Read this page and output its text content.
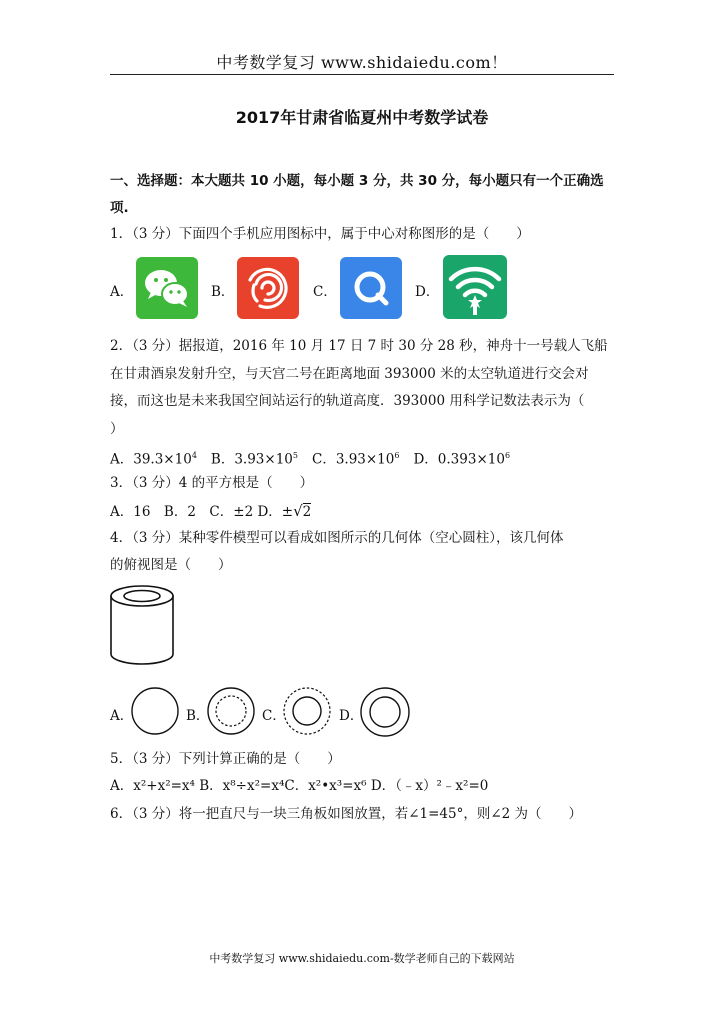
中考数学复习 www.shidaiedu.com！
2017年甘肃省临夏州中考数学试卷
一、选择题：本大题共 10 小题，每小题 3 分，共 30 分，每小题只有一个正确选
项.
1．（3 分）下面四个手机应用图标中，属于中心对称图形的是（　　）
A．	B．	C．	D．
2．（3 分）据报道，2016 年 10 月 17 日 7 时 30 分 28 秒，神舟十一号载人飞船
在甘肃酒泉发射升空，与天宫二号在距离地面 393000 米的太空轨道进行交会对
接，而这也是未来我国空间站运行的轨道高度．393000 用科学记数法表示为（
）
A．$39.3\times 10^4$ B．$3.93\times 10^5$ C．$3.93\times 10^6$ D．$0.393\times 10^6$
3．（3 分）4 的平方根是（　　）
A．16　B．2　C．±2 D．±√2
4．（3 分）某种零件模型可以看成如图所示的几何体（空心圆柱），该几何体
的俯视图是（　　）
A．	B．	C．	D．
5．（3 分）下列计算正确的是（　　）
A．x²+x²=x⁴ B．x⁸÷x²=x⁴C．x²•x³=x⁶ D．（﹣x）²﹣x²=0
6．（3 分）将一把直尺与一块三角板如图放置，若∠1=45°，则∠2 为（　　）
中考数学复习 www.shidaiedu.com-数学老师自己的下载网站
